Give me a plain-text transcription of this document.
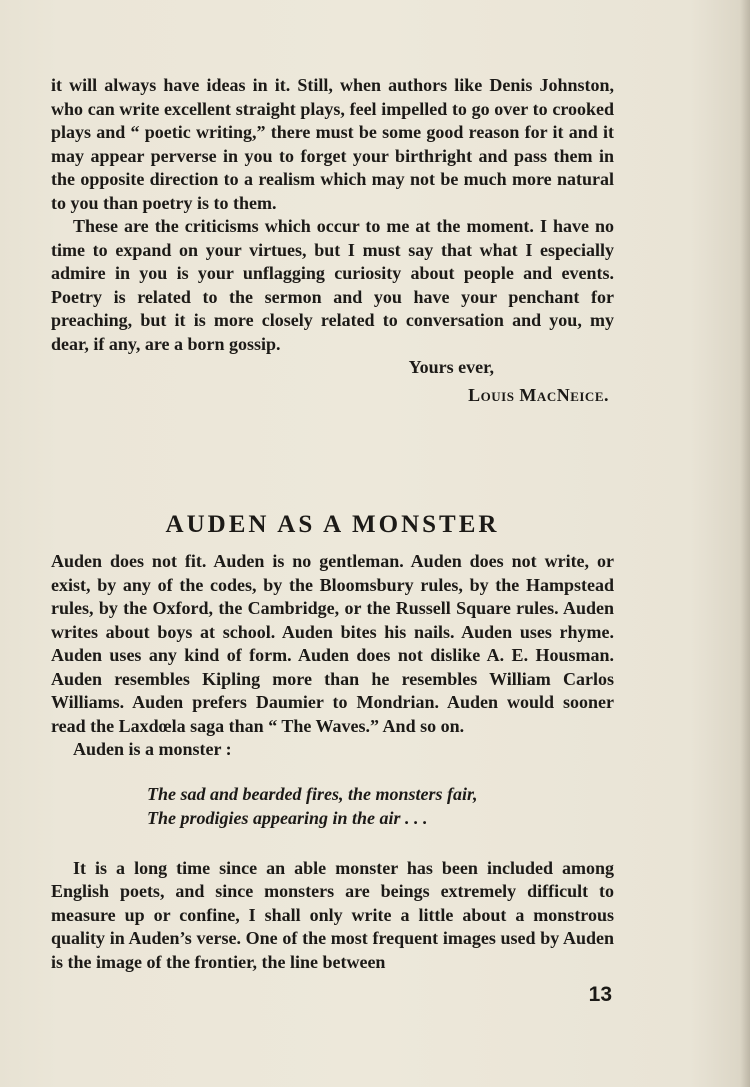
it will always have ideas in it. Still, when authors like Denis Johnston, who can write excellent straight plays, feel impelled to go over to crooked plays and “ poetic writing,” there must be some good reason for it and it may appear perverse in you to forget your birthright and pass them in the opposite direction to a realism which may not be much more natural to you than poetry is to them.

These are the criticisms which occur to me at the moment. I have no time to expand on your virtues, but I must say that what I especially admire in you is your unflagging curiosity about people and events. Poetry is related to the sermon and you have your penchant for preaching, but it is more closely related to conversation and you, my dear, if any, are a born gossip.

Yours ever,

Louis MacNeice.

AUDEN AS A MONSTER

Auden does not fit. Auden is no gentleman. Auden does not write, or exist, by any of the codes, by the Bloomsbury rules, by the Hampstead rules, by the Oxford, the Cambridge, or the Russell Square rules. Auden writes about boys at school. Auden bites his nails. Auden uses rhyme. Auden uses any kind of form. Auden does not dislike A. E. Housman. Auden resembles Kipling more than he resembles William Carlos Williams. Auden prefers Daumier to Mondrian. Auden would sooner read the Laxdœla saga than “ The Waves.” And so on.

Auden is a monster :

The sad and bearded fires, the monsters fair,
The prodigies appearing in the air . . .

It is a long time since an able monster has been included among English poets, and since monsters are beings extremely difficult to measure up or confine, I shall only write a little about a monstrous quality in Auden’s verse. One of the most frequent images used by Auden is the image of the frontier, the line between

13
